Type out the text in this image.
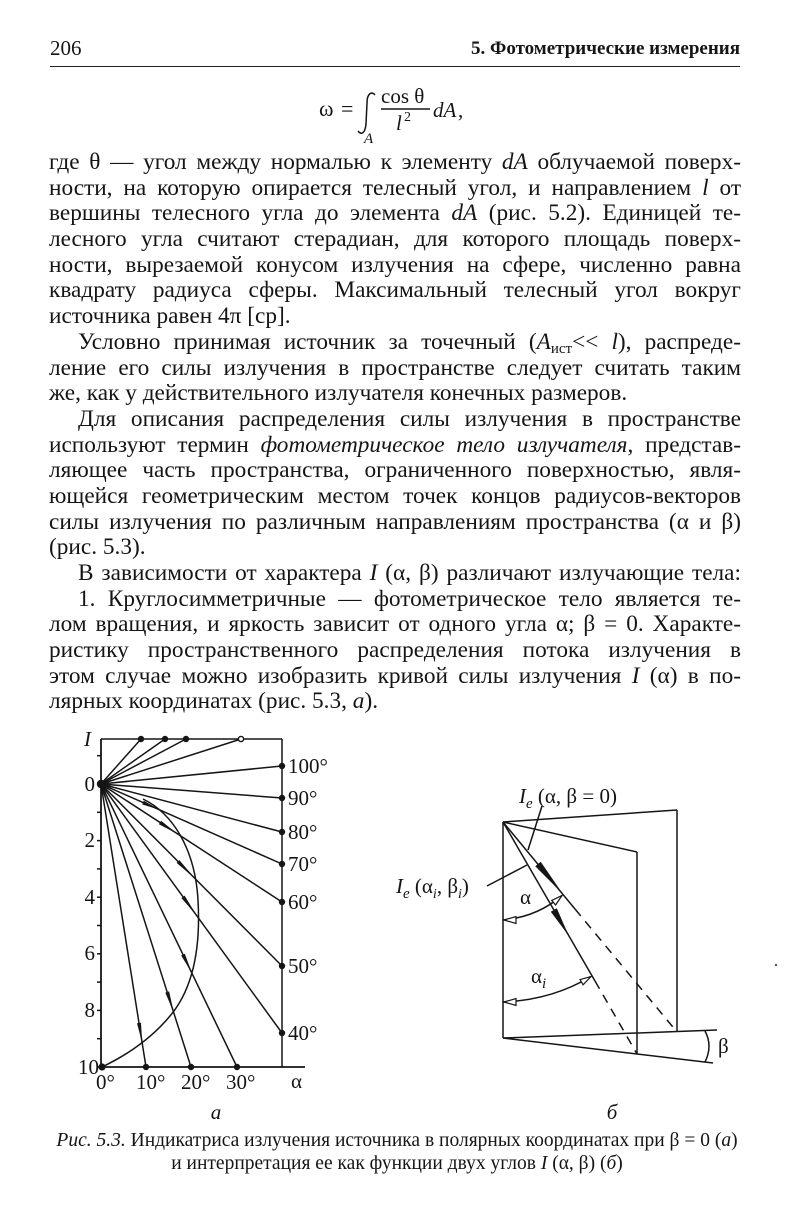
206	5. Фотометрические измерения
ω = cos θ
l 2 dA ,
A
I
0
2
4
6
8
10
100°
90°
80°
70°
60°
50°
40°
0° 10° 20° 30° α
а
$I_e$ (α, β = 0)
$I_e$ ($\alpha_i$, $\beta_i$) α
$\alpha_i$
β
б
где θ — угол между нормалью к элементу dA облучаемой поверх-
ности, на которую опирается телесный угол, и направлением l от
вершины телесного угла до элемента dA (рис. 5.2). Единицей те-
лесного угла считают стерадиан, для которого площадь поверх-
ности, вырезаемой конусом излучения на сфере, численно равна
квадрату радиуса сферы. Максимальный телесный угол вокруг
источника равен 4π [ср].
Условно принимая источник за точечный $(A_{ист}<< l)$, распреде-
ление его силы излучения в пространстве следует считать таким
же, как у действительного излучателя конечных размеров.
Для описания распределения силы излучения в пространстве
используют термин фотометрическое тело излучателя, представ-
ляющее часть пространства, ограниченного поверхностью, явля-
ющейся геометрическим местом точек концов радиусов-векторов
силы излучения по различным направлениям пространства (α и β)
(рис. 5.3).
В зависимости от характера I (α, β) различают излучающие тела:
1. Круглосимметричные — фотометрическое тело является те-
лом вращения, и яркость зависит от одного угла α; β = 0. Характе-
ристику пространственного распределения потока излучения в
этом случае можно изобразить кривой силы излучения I (α) в по-
лярных координатах (рис. 5.3, а).
Рис. 5.3. Индикатриса излучения источника в полярных координатах при β = 0 (а)
и интерпретация ее как функции двух углов I (α, β) (б)
